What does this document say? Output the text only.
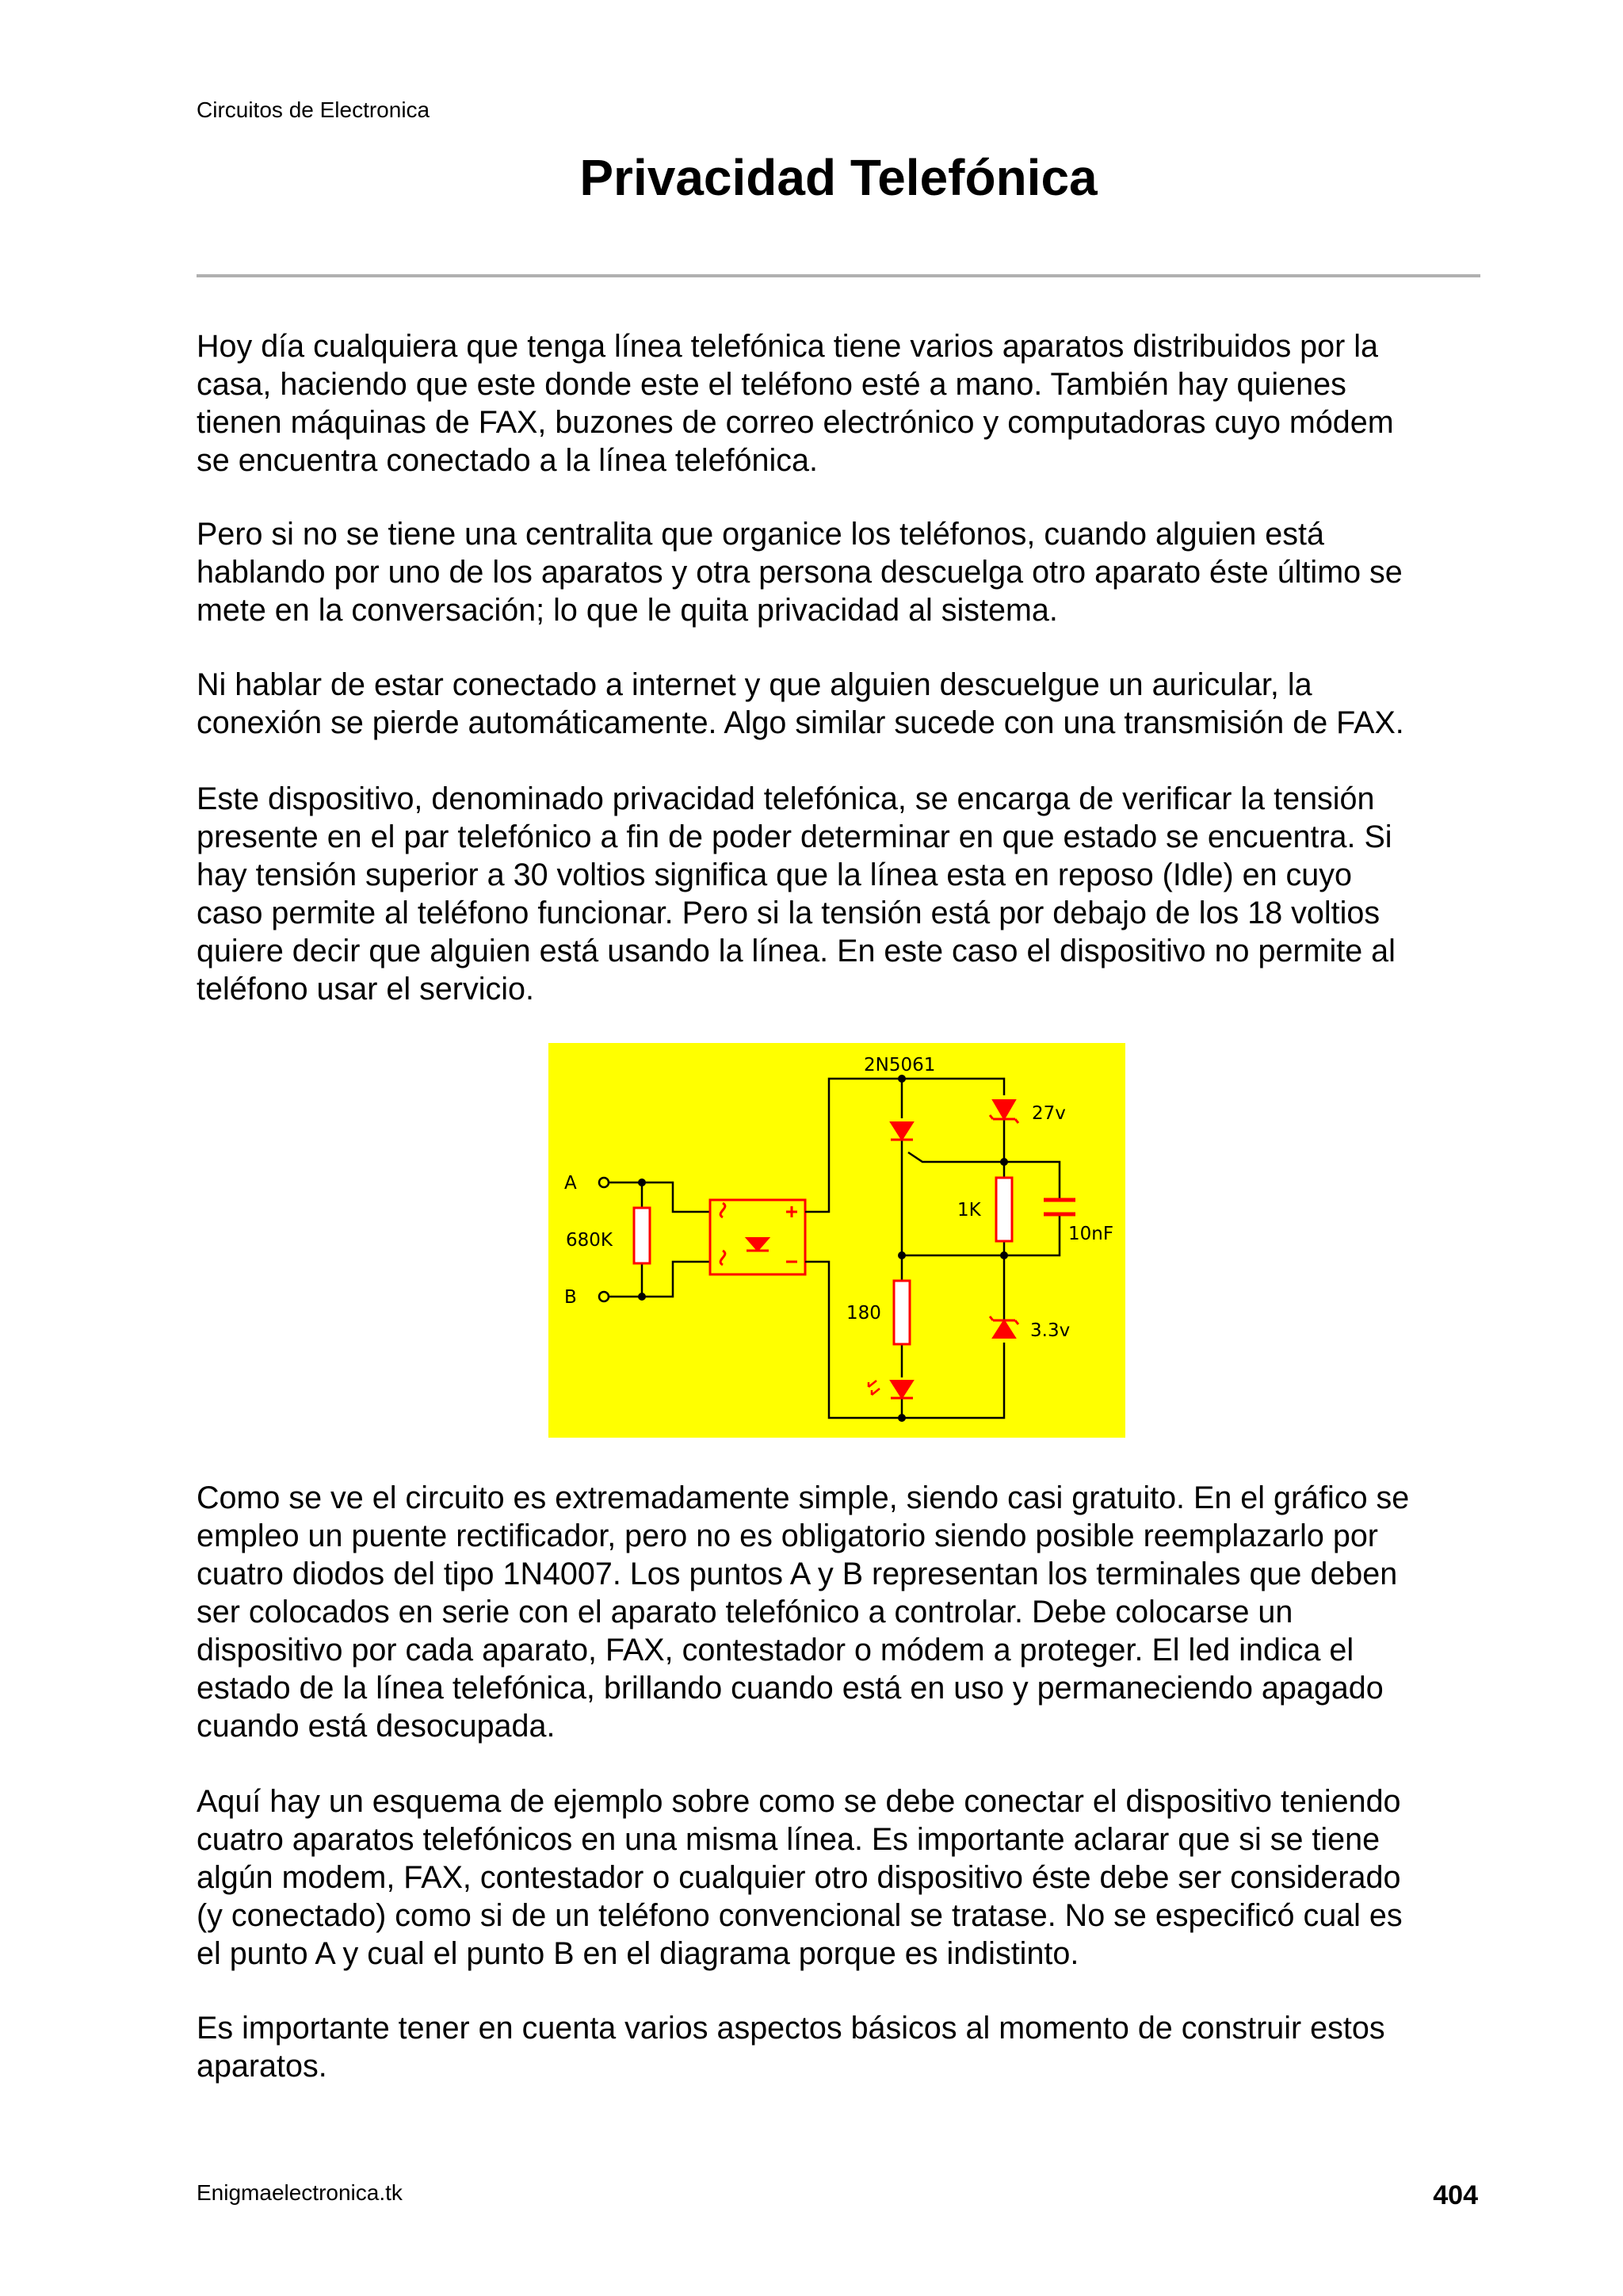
Circuitos de Electronica
Privacidad Telefónica
Hoy día cualquiera que tenga línea telefónica tiene varios aparatos distribuidos por la
casa, haciendo que este donde este el teléfono esté a mano. También hay quienes
tienen máquinas de FAX, buzones de correo electrónico y computadoras cuyo módem
se encuentra conectado a la línea telefónica.
Pero si no se tiene una centralita que organice los teléfonos, cuando alguien está
hablando por uno de los aparatos y otra persona descuelga otro aparato éste último se
mete en la conversación; lo que le quita privacidad al sistema.
Ni hablar de estar conectado a internet y que alguien descuelgue un auricular, la
conexión se pierde automáticamente. Algo similar sucede con una transmisión de FAX.
Este dispositivo, denominado privacidad telefónica, se encarga de verificar la tensión
presente en el par telefónico a fin de poder determinar en que estado se encuentra. Si
hay tensión superior a 30 voltios significa que la línea esta en reposo (Idle) en cuyo
caso permite al teléfono funcionar. Pero si la tensión está por debajo de los 18 voltios
quiere decir que alguien está usando la línea. En este caso el dispositivo no permite al
teléfono usar el servicio.
2N5061
27v
A
B
680K
1K
10nF
180
3.3v
Como se ve el circuito es extremadamente simple, siendo casi gratuito. En el gráfico se
empleo un puente rectificador, pero no es obligatorio siendo posible reemplazarlo por
cuatro diodos del tipo 1N4007. Los puntos A y B representan los terminales que deben
ser colocados en serie con el aparato telefónico a controlar. Debe colocarse un
dispositivo por cada aparato, FAX, contestador o módem a proteger. El led indica el
estado de la línea telefónica, brillando cuando está en uso y permaneciendo apagado
cuando está desocupada.
Aquí hay un esquema de ejemplo sobre como se debe conectar el dispositivo teniendo
cuatro aparatos telefónicos en una misma línea. Es importante aclarar que si se tiene
algún modem, FAX, contestador o cualquier otro dispositivo éste debe ser considerado
(y conectado) como si de un teléfono convencional se tratase. No se especificó cual es
el punto A y cual el punto B en el diagrama porque es indistinto.
Es importante tener en cuenta varios aspectos básicos al momento de construir estos
aparatos.
Enigmaelectronica.tk	404
